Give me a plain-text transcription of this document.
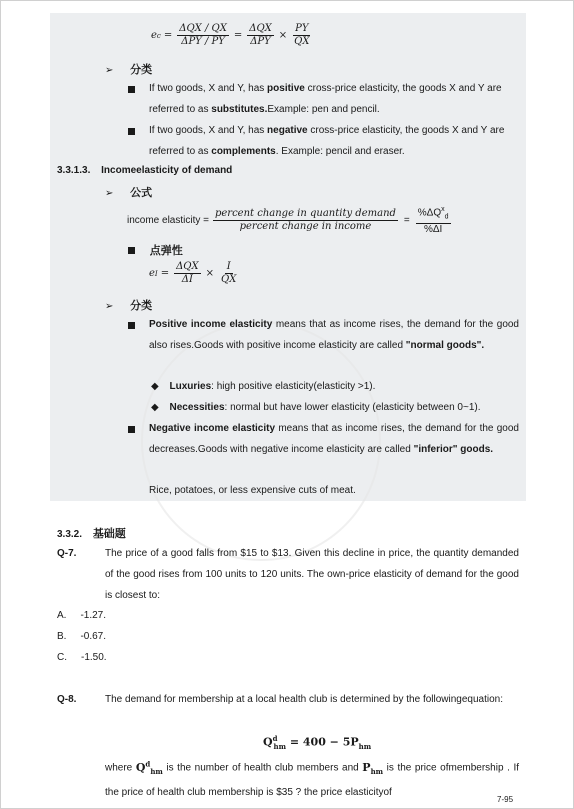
e $c = \frac{\text{ΔQX / QX}}{\text{ΔPY / PY}} = \frac{\text{ΔQX}}{\text{ΔPY}} \times \frac{PY}{QX}$
➢ 分类
If two goods, X and Y, has positive cross-price elasticity, the goods X and Y are
referred to as substitutes.Example: pen and pencil.
If two goods, X and Y, has negative cross-price elasticity, the goods X and Y are
referred to as complements. Example: pencil and eraser.
3.3.1.3. Incomeelasticity of demand
➢ 公式
income elasticity = $\frac{\text{percent change in quantity demand}}{\text{percent change in income}} = \frac{\%\Delta Q^x_d}{\%\Delta I}$
点弹性
e $I = \frac{\text{ΔQX}}{\Delta I} \times \frac{I}{QX}$
➢ 分类
Positive income elasticity means that as income rises, the demand for the good also rises.Goods with positive income elasticity are called "normal goods".
◆ Luxuries: high positive elasticity(elasticity >1).
◆ Necessities: normal but have lower elasticity (elasticity between 0~1).
Negative income elasticity means that as income rises, the demand for the good decreases.Goods with negative income elasticity are called "inferior" goods.
Rice, potatoes, or less expensive cuts of meat.
3.3.2. 基础题
Q-7.	The price of a good falls from $15 to $13. Given this decline in price, the quantity demanded of the good rises from 100 units to 120 units. The own-price elasticity of demand for the good is closest to:
A. -1.27.
B. -0.67.
C. -1.50.
Q-8.	The demand for membership at a local health club is determined by the followingequation:
$Q^d_{hm} = 400 - 5P_{hm}$
where $Q^d_{hm}$ is the number of health club members and $P_{hm}$ is the price ofmembership . If the price of health club membership is $35 ? the price elasticityof
7-95
